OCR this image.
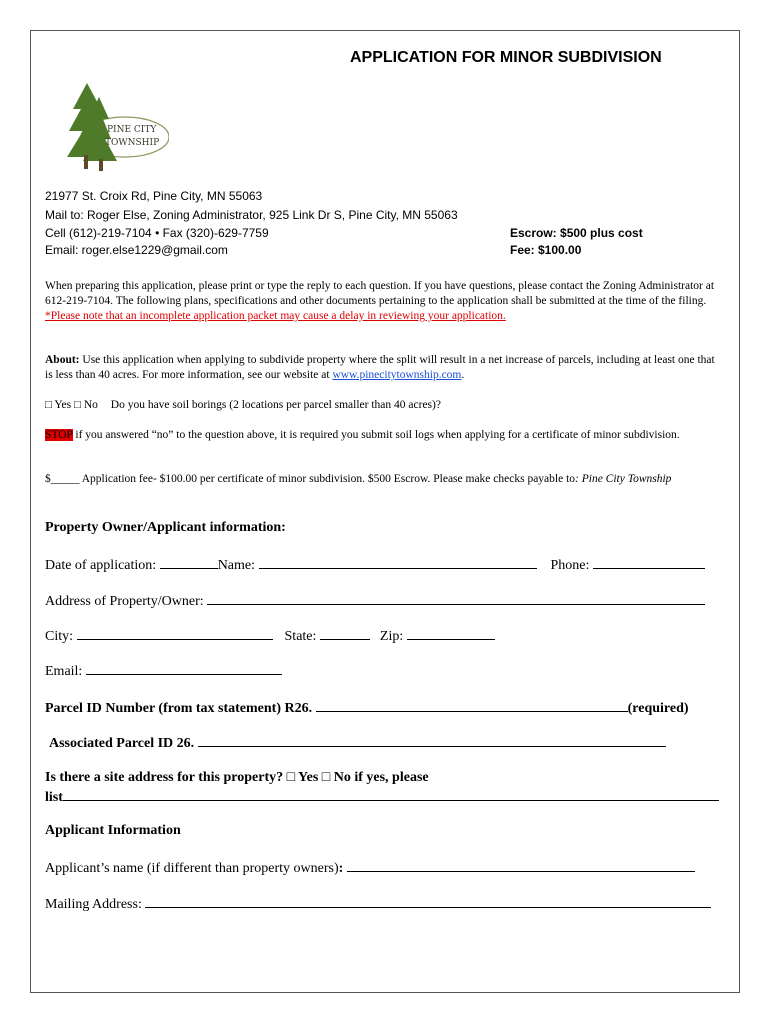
APPLICATION FOR MINOR SUBDIVISION
PINE CITY
TOWNSHIP
21977 St. Croix Rd, Pine City, MN 55063
Mail to: Roger Else, Zoning Administrator, 925 Link Dr S, Pine City, MN 55063
Cell (612)-219-7104 • Fax (320)-629-7759
Email: roger.else1229@gmail.com
Escrow: $500 plus cost
Fee: $100.00
When preparing this application, please print or type the reply to each question. If you have questions, please contact the Zoning Administrator at 612-219-7104. The following plans, specifications and other documents pertaining to the application shall be submitted at the time of the filing. *Please note that an incomplete application packet may cause a delay in reviewing your application.
About: Use this application when applying to subdivide property where the split will result in a net increase of parcels, including at least one that is less than 40 acres. For more information, see our website at www.pinecitytownship.com.
□ Yes □ No Do you have soil borings (2 locations per parcel smaller than 40 acres)?
STOP if you answered “no” to the question above, it is required you submit soil logs when applying for a certificate of minor subdivision.
$_____ Application fee- $100.00 per certificate of minor subdivision. $500 Escrow. Please make checks payable to: Pine City Township
Property Owner/Applicant information:
Date of application:	Name:	Phone:
Address of Property/Owner:
City:	State:	Zip:
Email:
Parcel ID Number (from tax statement) R26.	(required)
Associated Parcel ID 26.
Is there a site address for this property? □ Yes □ No if yes, please
list
Applicant Information
Applicant’s name (if different than property owners):
Mailing Address:
